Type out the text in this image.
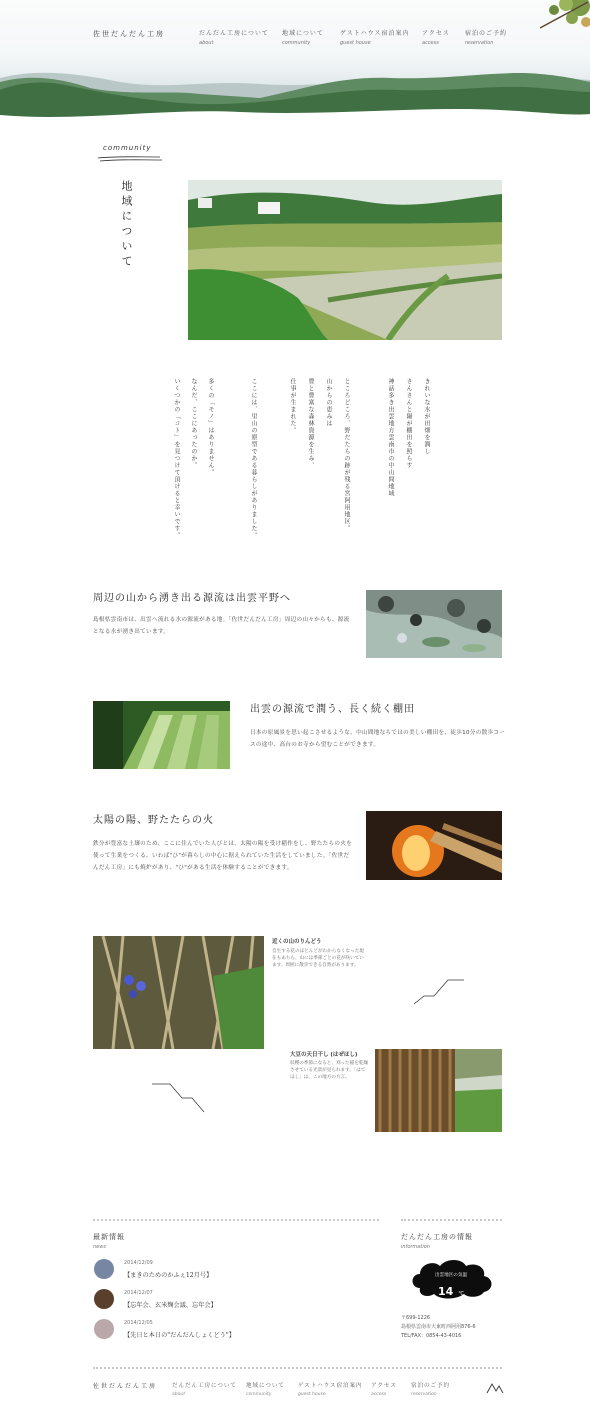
佐世だんだん工房	だんだん工房について
about
地域について
community
ゲストハウス宿泊案内
guest house
アクセス
access
宿泊のご予約
reservation
community
地域について
きれいな水が田畑を潤し
さんさんと陽が棚田を照らす
神話多き出雲地方雲南市の中山間地域
ところどころ、野だたらの跡が残る宮阿用地区。
山からの恵みは
豊と豊富な森林資源を生み、
仕事が生まれた。
ここには、里山の原型である暮らしがありました。
多くの「モノ」はありません。
なんだ、ここにあったのか。
いくつかの「コト」を見つけて頂けると幸いです。
周辺の山から湧き出る源流は出雲平野へ
島根県雲南市は、出雲へ流れる水の源流がある地。「佐世だんだん工房」周辺の山々からも、源流となる水が湧き出ています。
出雲の源流で潤う、長く続く棚田
日本の原風景を思い起こさせるような、中山間地ならではの美しい棚田を、徒歩10分の散歩コースの途中、高台のお寺から望むことができます。
太陽の陽、野たたらの火
鉄分が豊富な土壌のため、ここに住んでいた人びとは、太陽の陽を受け稲作をし、野たたらの火を使って生業をつくる、いわば"ひ"が暮らしの中心に据えられていた生活をしていました。「佐世だんだん工房」にも焼炉があり、"ひ"がある生活を体験することができます。
近くの山のりんどう
自生する花のほとんどがわからなくなった現在もあちら、山には季節ごとの花が咲いています。周囲に散歩できる自然があります。
大豆の天日干し (はぜほし)
収穫の季節になると、刈った稲を乾燥させている光景が見られます。「はでほし」は、この地方の方言。
最新情報
news
2014/12/09
【まきのためのかふぇ12月号】
2014/12/07
【忘年会、玄米麹会議、忘年会】
2014/12/05
【先日と本日の"だんだんしょくどう"】
だんだん工房の情報
information
出雲地区の気温
14 ℃
〒699-1226
島根県雲南市大東町西阿用876-6
TEL/FAX：0854-43-4016
佐世だんだん工房	だんだん工房について
about
地域について
community
ゲストハウス宿泊案内
guest house
アクセス
access
宿泊のご予約
reservation
